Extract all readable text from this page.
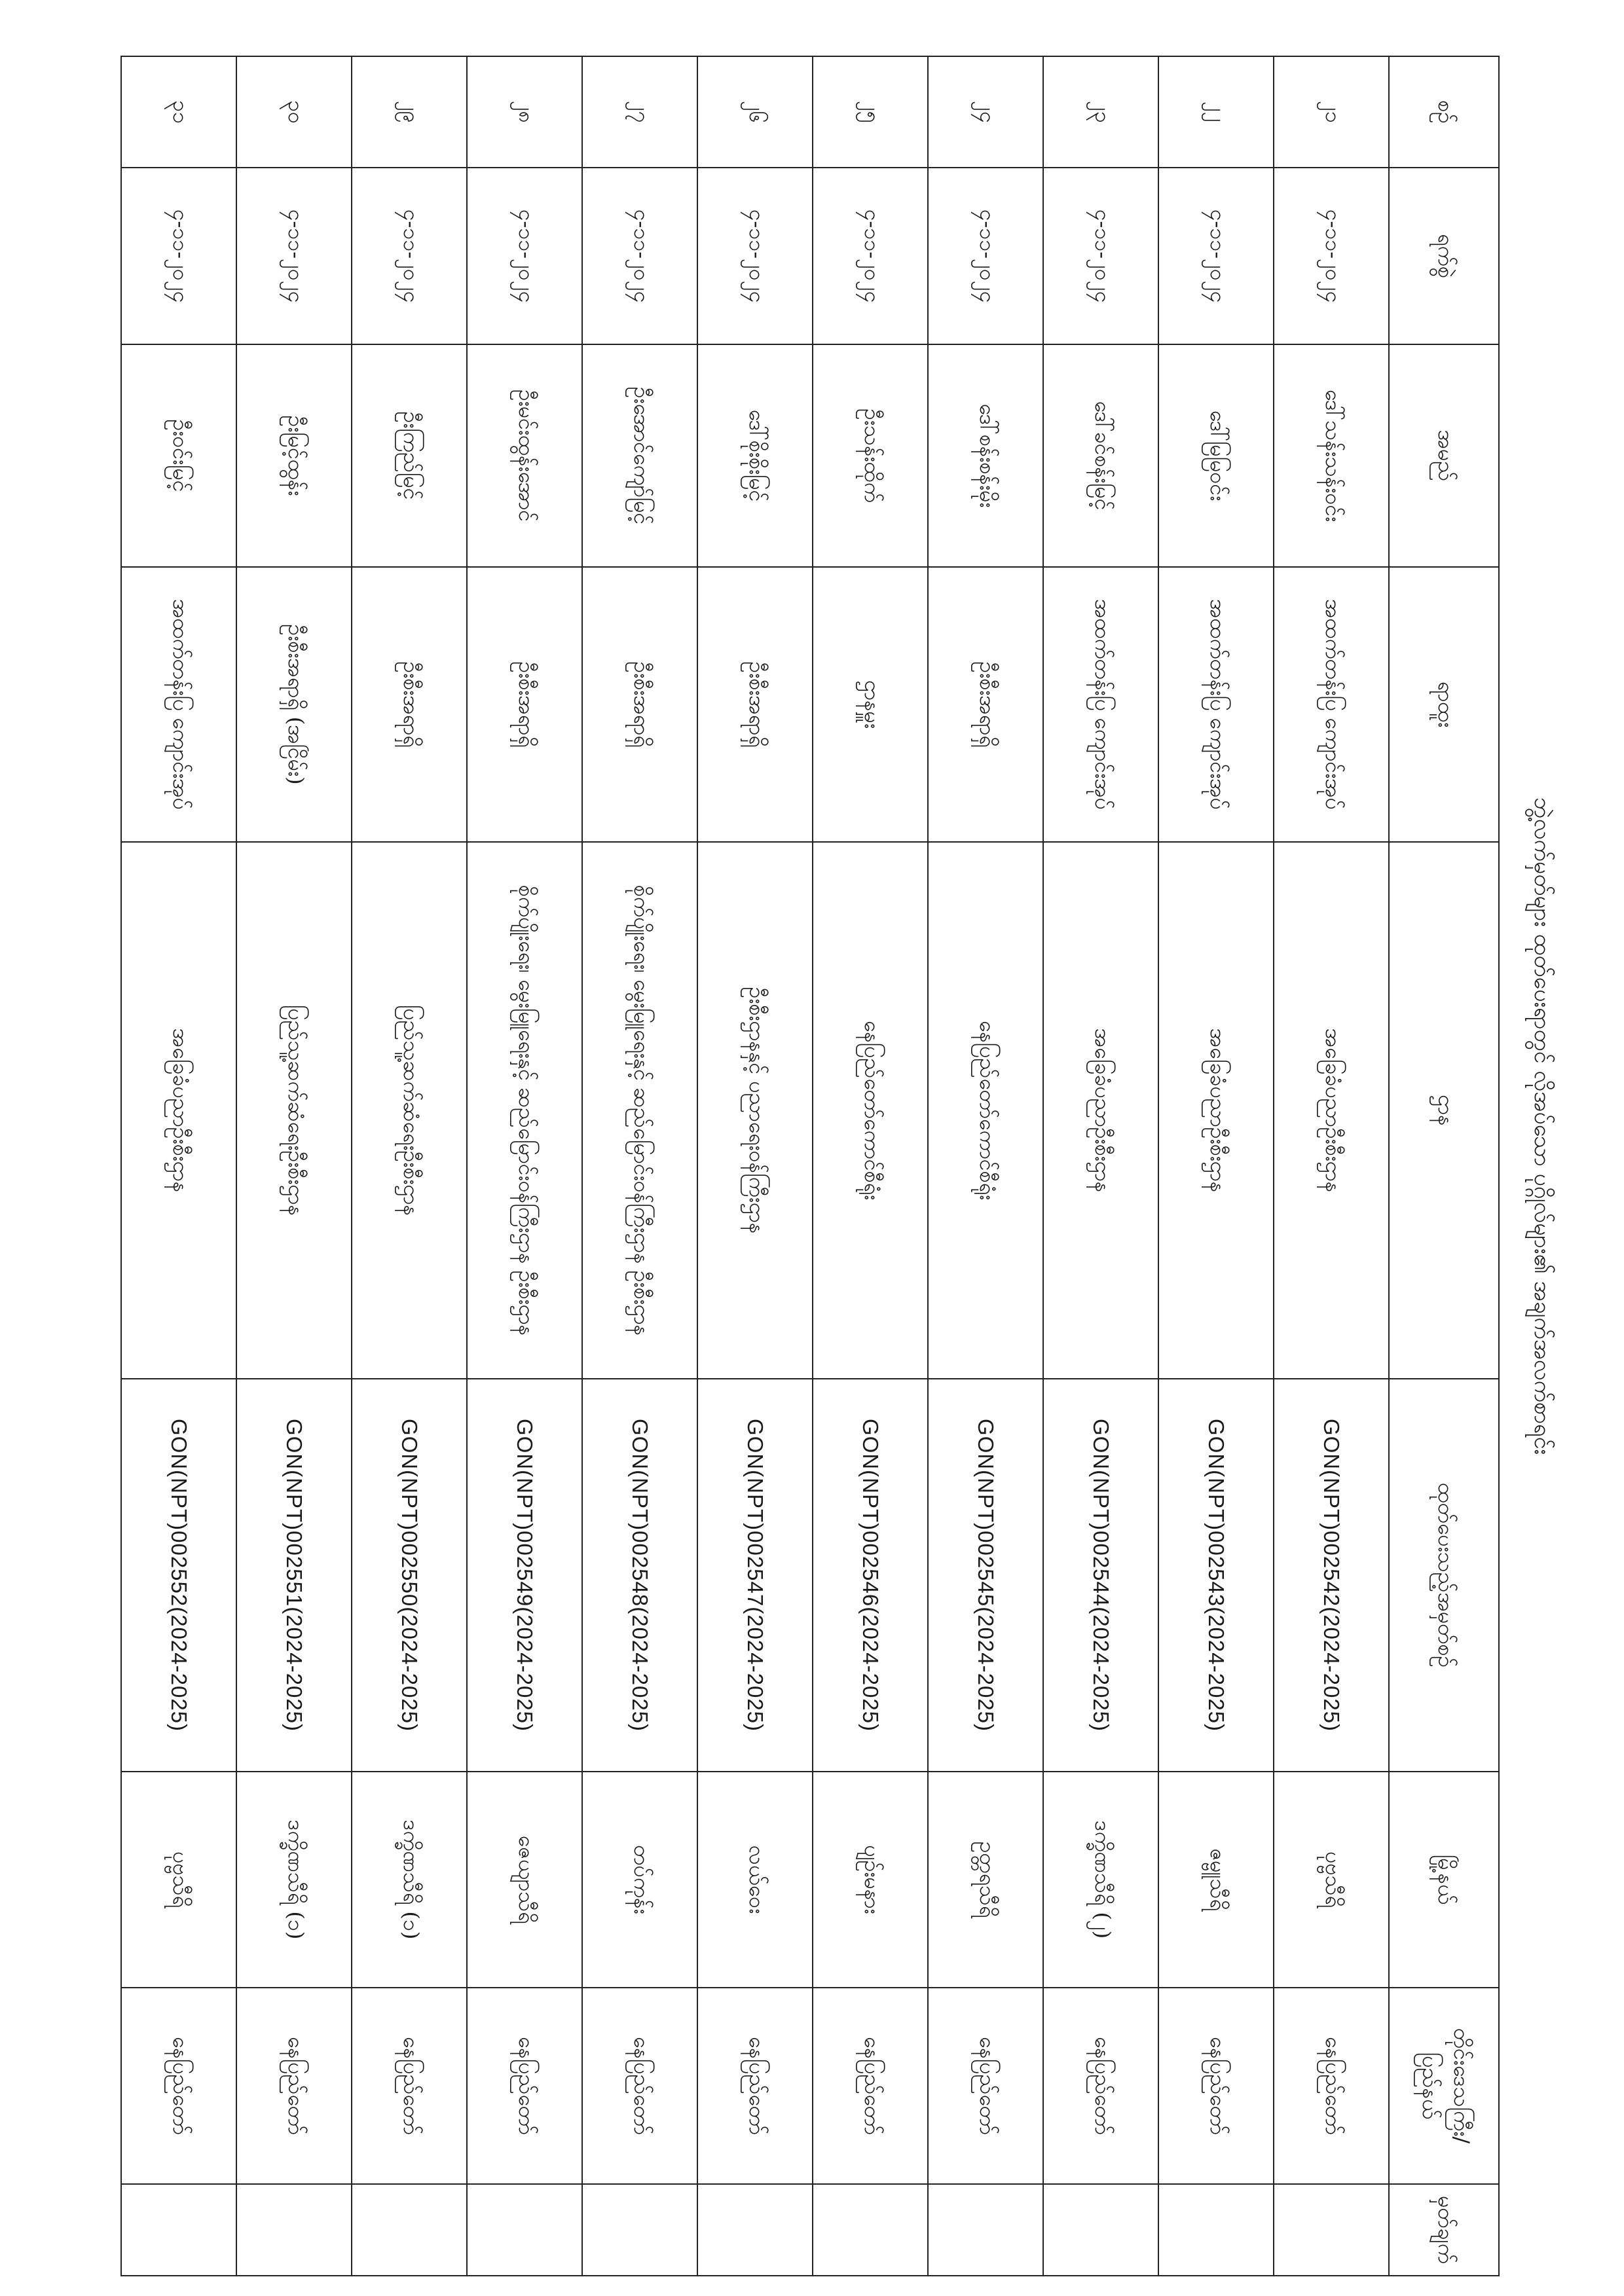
ဘွဲ့လက်မှတ်များ ထုတ်ပေးရာတွင် လိုအပ်သော ပုဂ္ဂိုလ်များ၏ အချက်အလက်စာရင်း
စဉ်	ရက်စွဲ	အမည်	ရာထူး	ဌာန	ထုတ်ပေးသည့်အမှတ်စဉ်	မြို့နယ်	တိုင်းဒေသကြီး/ပြည်နယ်	မှတ်ချက်
၂၁	၄-၁၁-၂၀၂၄	ဒေါ်သန်းသန်းဝင်း	အထက်တန်းပြ ကျောင်းအုပ်	အခြေခံပညာဦးစီးဌာန	GON(NPT)002542(2024-2025)	ပုဗ္ဗသီရိ	နေပြည်တော်	
၂၂	၄-၁၁-၂၀၂၄	ဒေါ်မြမြဝင်း	အထက်တန်းပြ ကျောင်းအုပ်	အခြေခံပညာဦးစီးဌာန	GON(NPT)002543(2024-2025)	ဇမ္ဗူသီရိ	နေပြည်တော်	
၂၃	၄-၁၁-၂၀၂၄	ဒေါ်ခင်စန်းမြင့်	အထက်တန်းပြ ကျောင်းအုပ်	အခြေခံပညာဦးစီးဌာန	GON(NPT)002544(2024-2025)	ဒက္ခိဏသီရိ (၂)	နေပြည်တော်	
၂၄	၄-၁၁-၂၀၂၄	ဒေါ်စန်းစန်းမိုး	ဦးစီးအရာရှိ	နေပြည်တော်ကောင်စီရုံး	GON(NPT)002545(2024-2025)	ဥတ္တရသီရိ	နေပြည်တော်	
၂၅	၄-၁၁-၂၀၂၄	ဦးသန်းထိုက်	ဌာနမှူး	နေပြည်တော်ကောင်စီရုံး	GON(NPT)002546(2024-2025)	ပျဉ်းမနား	နေပြည်တော်	
၂၆	၄-၁၁-၂၀၂၄	ဒေါ်စိုးစိုးမြင့်	ဦးစီးအရာရှိ	ဦးစီးဌာနနှင့် ပညာရေးဝန်ကြီးဌာန	GON(NPT)002547(2024-2025)	လယ်ဝေး	နေပြည်တော်	
၂၇	၄-၁၁-၂၀၂၄	ဦးအောင်ကျော်မြင့်	ဦးစီးအရာရှိ	စိုက်ပျိုးရေး၊ မွေးမြူရေးနှင့် ဆည်မြောင်းဝန်ကြီးဌာန ဦးစီးဌာန	GON(NPT)002548(2024-2025)	တပ်ကုန်း	နေပြည်တော်	
၂၈	၄-၁၁-၂၀၂၄	ဦးမင်းထွန်းအောင်	ဦးစီးအရာရှိ	စိုက်ပျိုးရေး၊ မွေးမြူရေးနှင့် ဆည်မြောင်းဝန်ကြီးဌာန ဦးစီးဌာန	GON(NPT)002549(2024-2025)	ဇေယျာသီရိ	နေပြည်တော်	
၂၉	၄-၁၁-၂၀၂၄	ဦးကြည်မြင့်	ဦးစီးအရာရှိ	ပြည်သူ့ဆက်ဆံရေးဦးစီးဌာန	GON(NPT)002550(2024-2025)	ဒက္ခိဏသီရိ (၁)	နေပြည်တော်	
၃၀	၄-၁၁-၂၀၂၄	ဦးမြင့်ထွန်း	ဦးစီးအရာရှိ (အငြိမ်း)	ပြည်သူ့ဆက်ဆံရေးဦးစီးဌာန	GON(NPT)002551(2024-2025)	ဒက္ခိဏသီရိ (၁)	နေပြည်တော်	
၃၁	၄-၁၁-၂၀၂၄	ဦးဝင်းမြင့်	အထက်တန်းပြ ကျောင်းအုပ်	အခြေခံပညာဦးစီးဌာန	GON(NPT)002552(2024-2025)	ပုဗ္ဗသီရိ	နေပြည်တော်	
